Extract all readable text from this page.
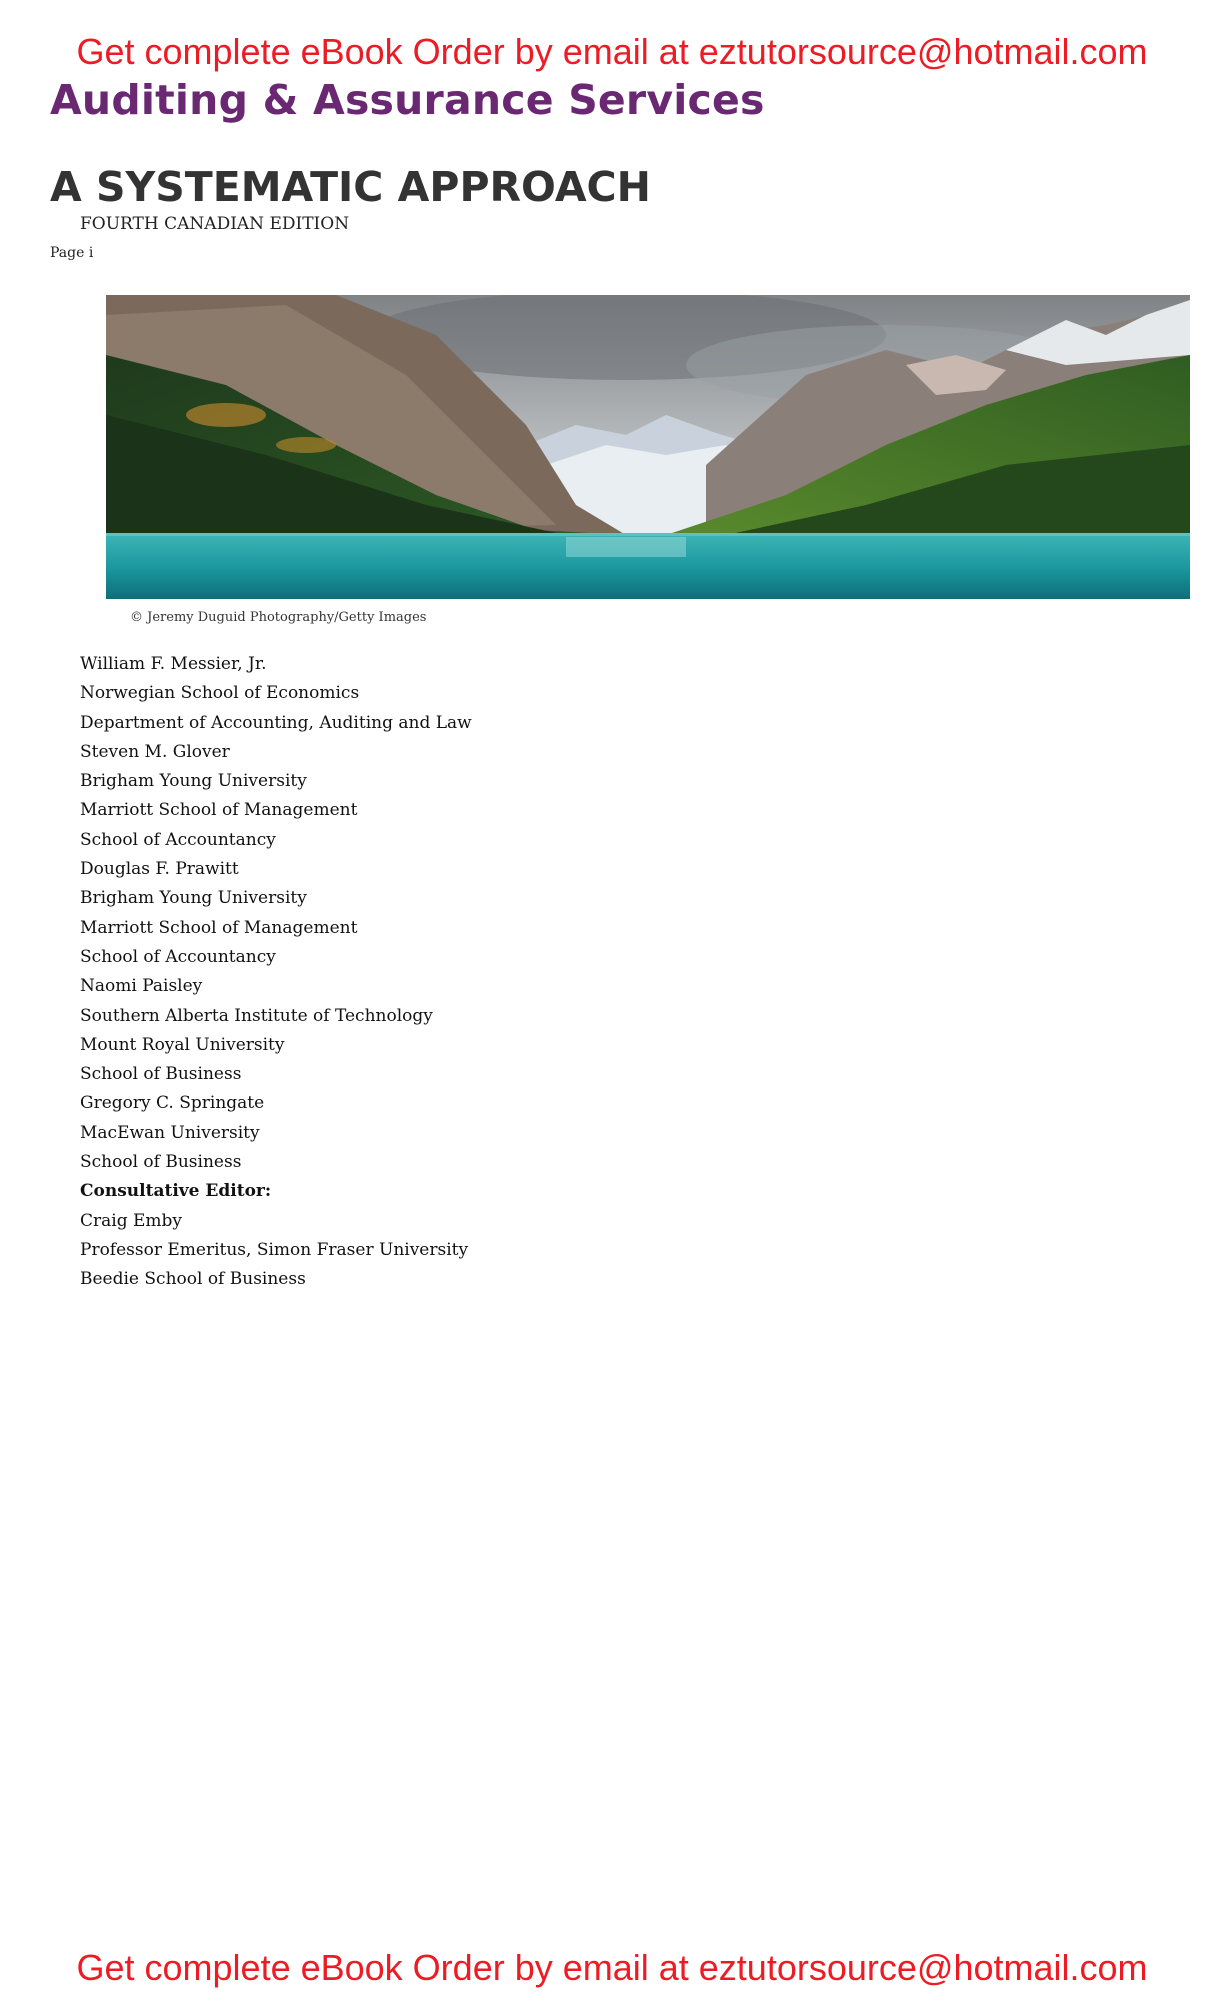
Get complete eBook Order by email at eztutorsource@hotmail.com
Auditing & Assurance Services
A SYSTEMATIC APPROACH
FOURTH CANADIAN EDITION
Page i
© Jeremy Duguid Photography/Getty Images
William F. Messier, Jr.
Norwegian School of Economics
Department of Accounting, Auditing and Law
Steven M. Glover
Brigham Young University
Marriott School of Management
School of Accountancy
Douglas F. Prawitt
Brigham Young University
Marriott School of Management
School of Accountancy
Naomi Paisley
Southern Alberta Institute of Technology
Mount Royal University
School of Business
Gregory C. Springate
MacEwan University
School of Business
Consultative Editor:
Craig Emby
Professor Emeritus, Simon Fraser University
Beedie School of Business
Get complete eBook Order by email at eztutorsource@hotmail.com
